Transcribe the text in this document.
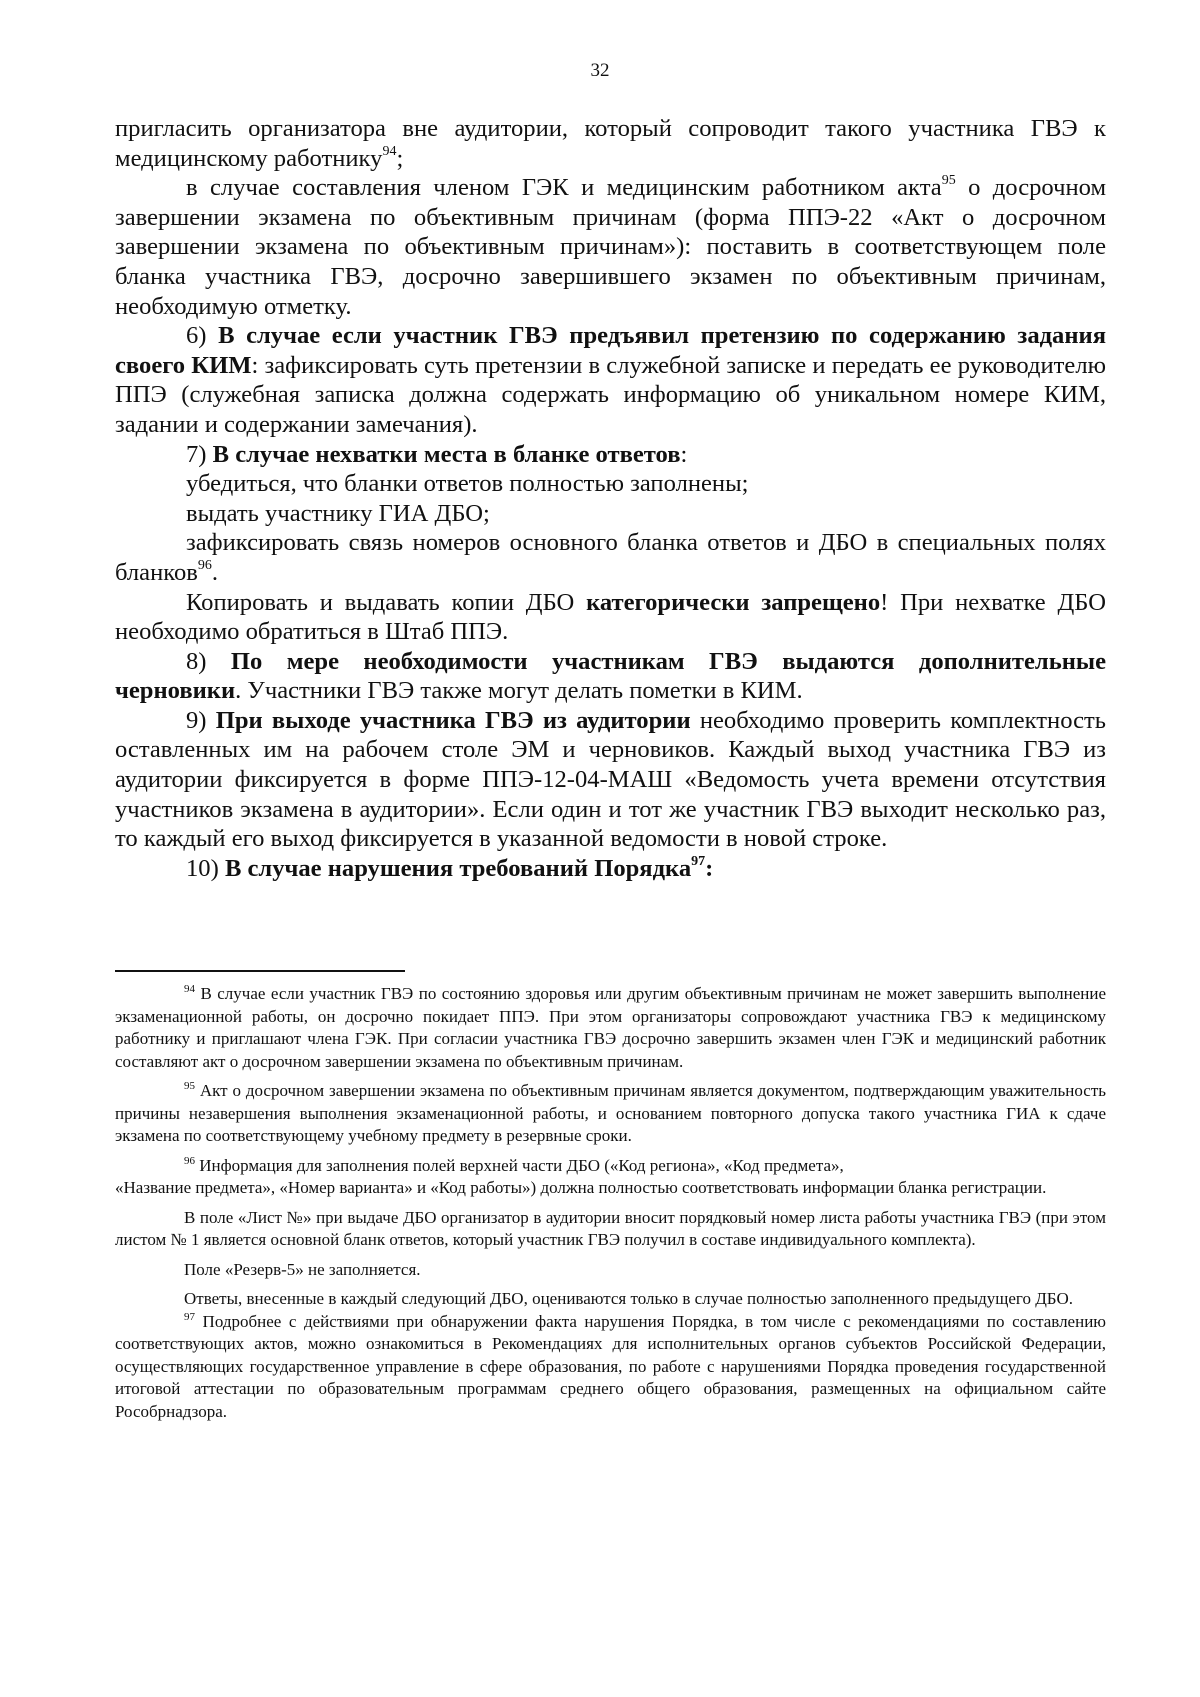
32

пригласить организатора вне аудитории, который сопроводит такого участника ГВЭ к медицинскому работнику$^{94}$;

в случае составления членом ГЭК и медицинским работником акта$^{95}$ о досрочном завершении экзамена по объективным причинам (форма ППЭ-22 «Акт о досрочном завершении экзамена по объективным причинам»): поставить в соответствующем поле бланка участника ГВЭ, досрочно завершившего экзамен по объективным причинам, необходимую отметку.

6) В случае если участник ГВЭ предъявил претензию по содержанию задания своего КИМ: зафиксировать суть претензии в служебной записке и передать ее руководителю ППЭ (служебная записка должна содержать информацию об уникальном номере КИМ, задании и содержании замечания).

7) В случае нехватки места в бланке ответов:

убедиться, что бланки ответов полностью заполнены;

выдать участнику ГИА ДБО;

зафиксировать связь номеров основного бланка ответов и ДБО в специальных полях бланков$^{96}$.

Копировать и выдавать копии ДБО категорически запрещено! При нехватке ДБО необходимо обратиться в Штаб ППЭ.

8) По мере необходимости участникам ГВЭ выдаются дополнительные черновики. Участники ГВЭ также могут делать пометки в КИМ.

9) При выходе участника ГВЭ из аудитории необходимо проверить комплектность оставленных им на рабочем столе ЭМ и черновиков. Каждый выход участника ГВЭ из аудитории фиксируется в форме ППЭ-12-04-МАШ «Ведомость учета времени отсутствия участников экзамена в аудитории». Если один и тот же участник ГВЭ выходит несколько раз, то каждый его выход фиксируется в указанной ведомости в новой строке.

10) В случае нарушения требований Порядка$^{97}$:

$^{94}$ В случае если участник ГВЭ по состоянию здоровья или другим объективным причинам не может завершить выполнение экзаменационной работы, он досрочно покидает ППЭ. При этом организаторы сопровождают участника ГВЭ к медицинскому работнику и приглашают члена ГЭК. При согласии участника ГВЭ досрочно завершить экзамен член ГЭК и медицинский работник составляют акт о досрочном завершении экзамена по объективным причинам.

$^{95}$ Акт о досрочном завершении экзамена по объективным причинам является документом, подтверждающим уважительность причины незавершения выполнения экзаменационной работы, и основанием повторного допуска такого участника ГИА к сдаче экзамена по соответствующему учебному предмету в резервные сроки.

$^{96}$ Информация для заполнения полей верхней части ДБО («Код региона», «Код предмета»,

«Название предмета», «Номер варианта» и «Код работы») должна полностью соответствовать информации бланка регистрации.

В поле «Лист №» при выдаче ДБО организатор в аудитории вносит порядковый номер листа работы участника ГВЭ (при этом листом № 1 является основной бланк ответов, который участник ГВЭ получил в составе индивидуального комплекта).

Поле «Резерв-5» не заполняется.

Ответы, внесенные в каждый следующий ДБО, оцениваются только в случае полностью заполненного предыдущего ДБО.

$^{97}$ Подробнее с действиями при обнаружении факта нарушения Порядка, в том числе с рекомендациями по составлению соответствующих актов, можно ознакомиться в Рекомендациях для исполнительных органов субъектов Российской Федерации, осуществляющих государственное управление в сфере образования, по работе с нарушениями Порядка проведения государственной итоговой аттестации по образовательным программам среднего общего образования, размещенных на официальном сайте Рособрнадзора.
